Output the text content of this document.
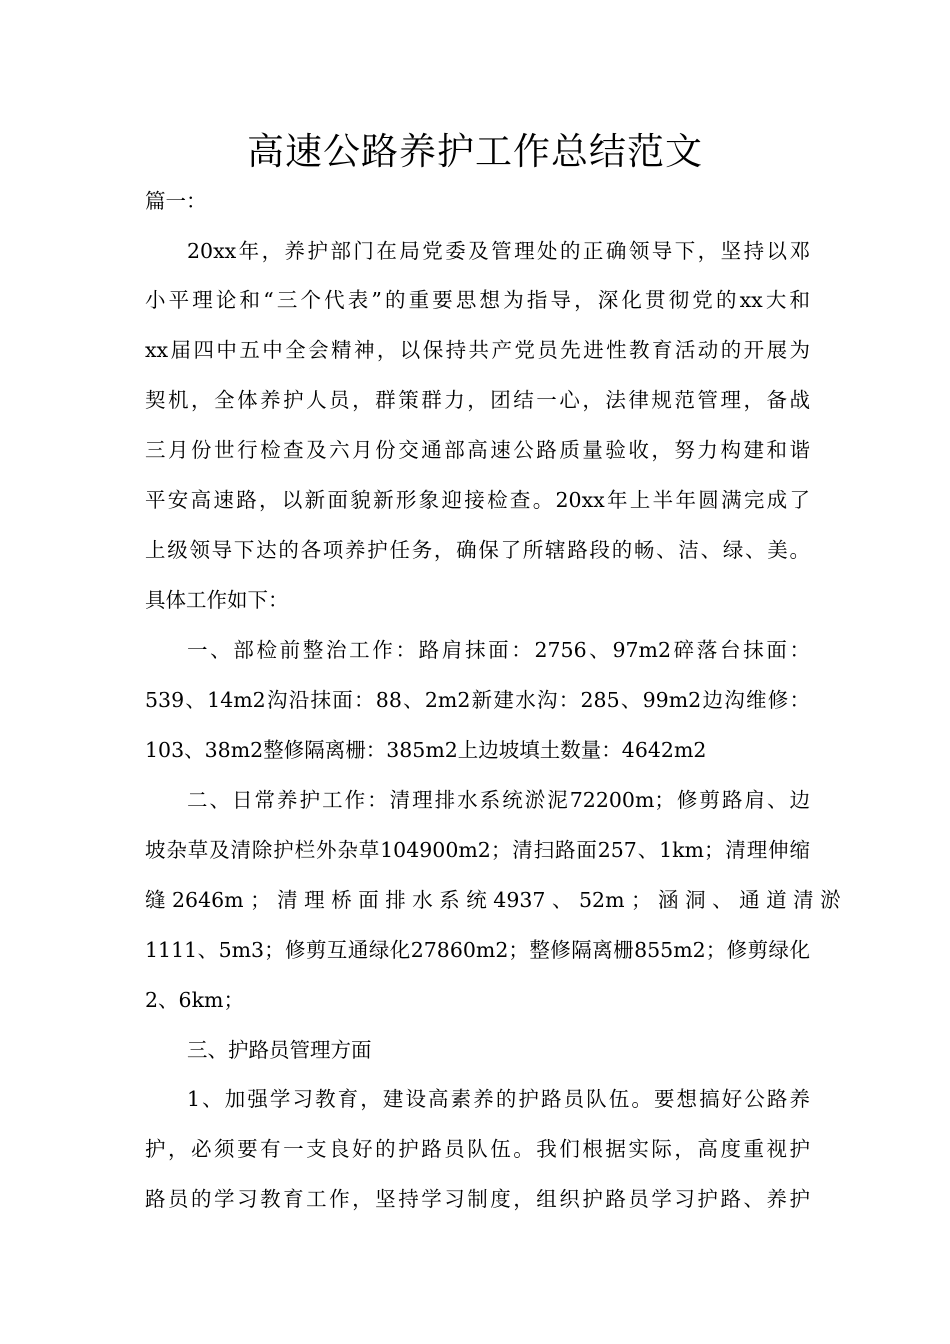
高速公路养护工作总结范文
篇一：
20xx年，养护部门在局党委及管理处的正确领导下，坚持以邓
小平理论和“三个代表”的重要思想为指导，深化贯彻党的xx大和
xx届四中五中全会精神，以保持共产党员先进性教育活动的开展为
契机，全体养护人员，群策群力，团结一心，法律规范管理，备战
三月份世行检查及六月份交通部高速公路质量验收，努力构建和谐
平安高速路，以新面貌新形象迎接检查。20xx年上半年圆满完成了
上级领导下达的各项养护任务，确保了所辖路段的畅、洁、绿、美。
具体工作如下：
一、部检前整治工作：路肩抹面：2756、97m2碎落台抹面：
539、14m2沟沿抹面：88、2m2新建水沟：285、99m2边沟维修：
103、38m2整修隔离栅：385m2上边坡填土数量：4642m2
二、日常养护工作：清理排水系统淤泥72200m；修剪路肩、边
坡杂草及清除护栏外杂草104900m2；清扫路面257、1km；清理伸缩
缝 2646m ； 清 理 桥 面 排 水 系 统 4937 、 52m ； 涵 洞 、 通 道 清 淤
1111、5m3；修剪互通绿化27860m2；整修隔离栅855m2；修剪绿化
2、6km；
三、护路员管理方面
1、加强学习教育，建设高素养的护路员队伍。要想搞好公路养
护，必须要有一支良好的护路员队伍。我们根据实际，高度重视护
路员的学习教育工作，坚持学习制度，组织护路员学习护路、养护
